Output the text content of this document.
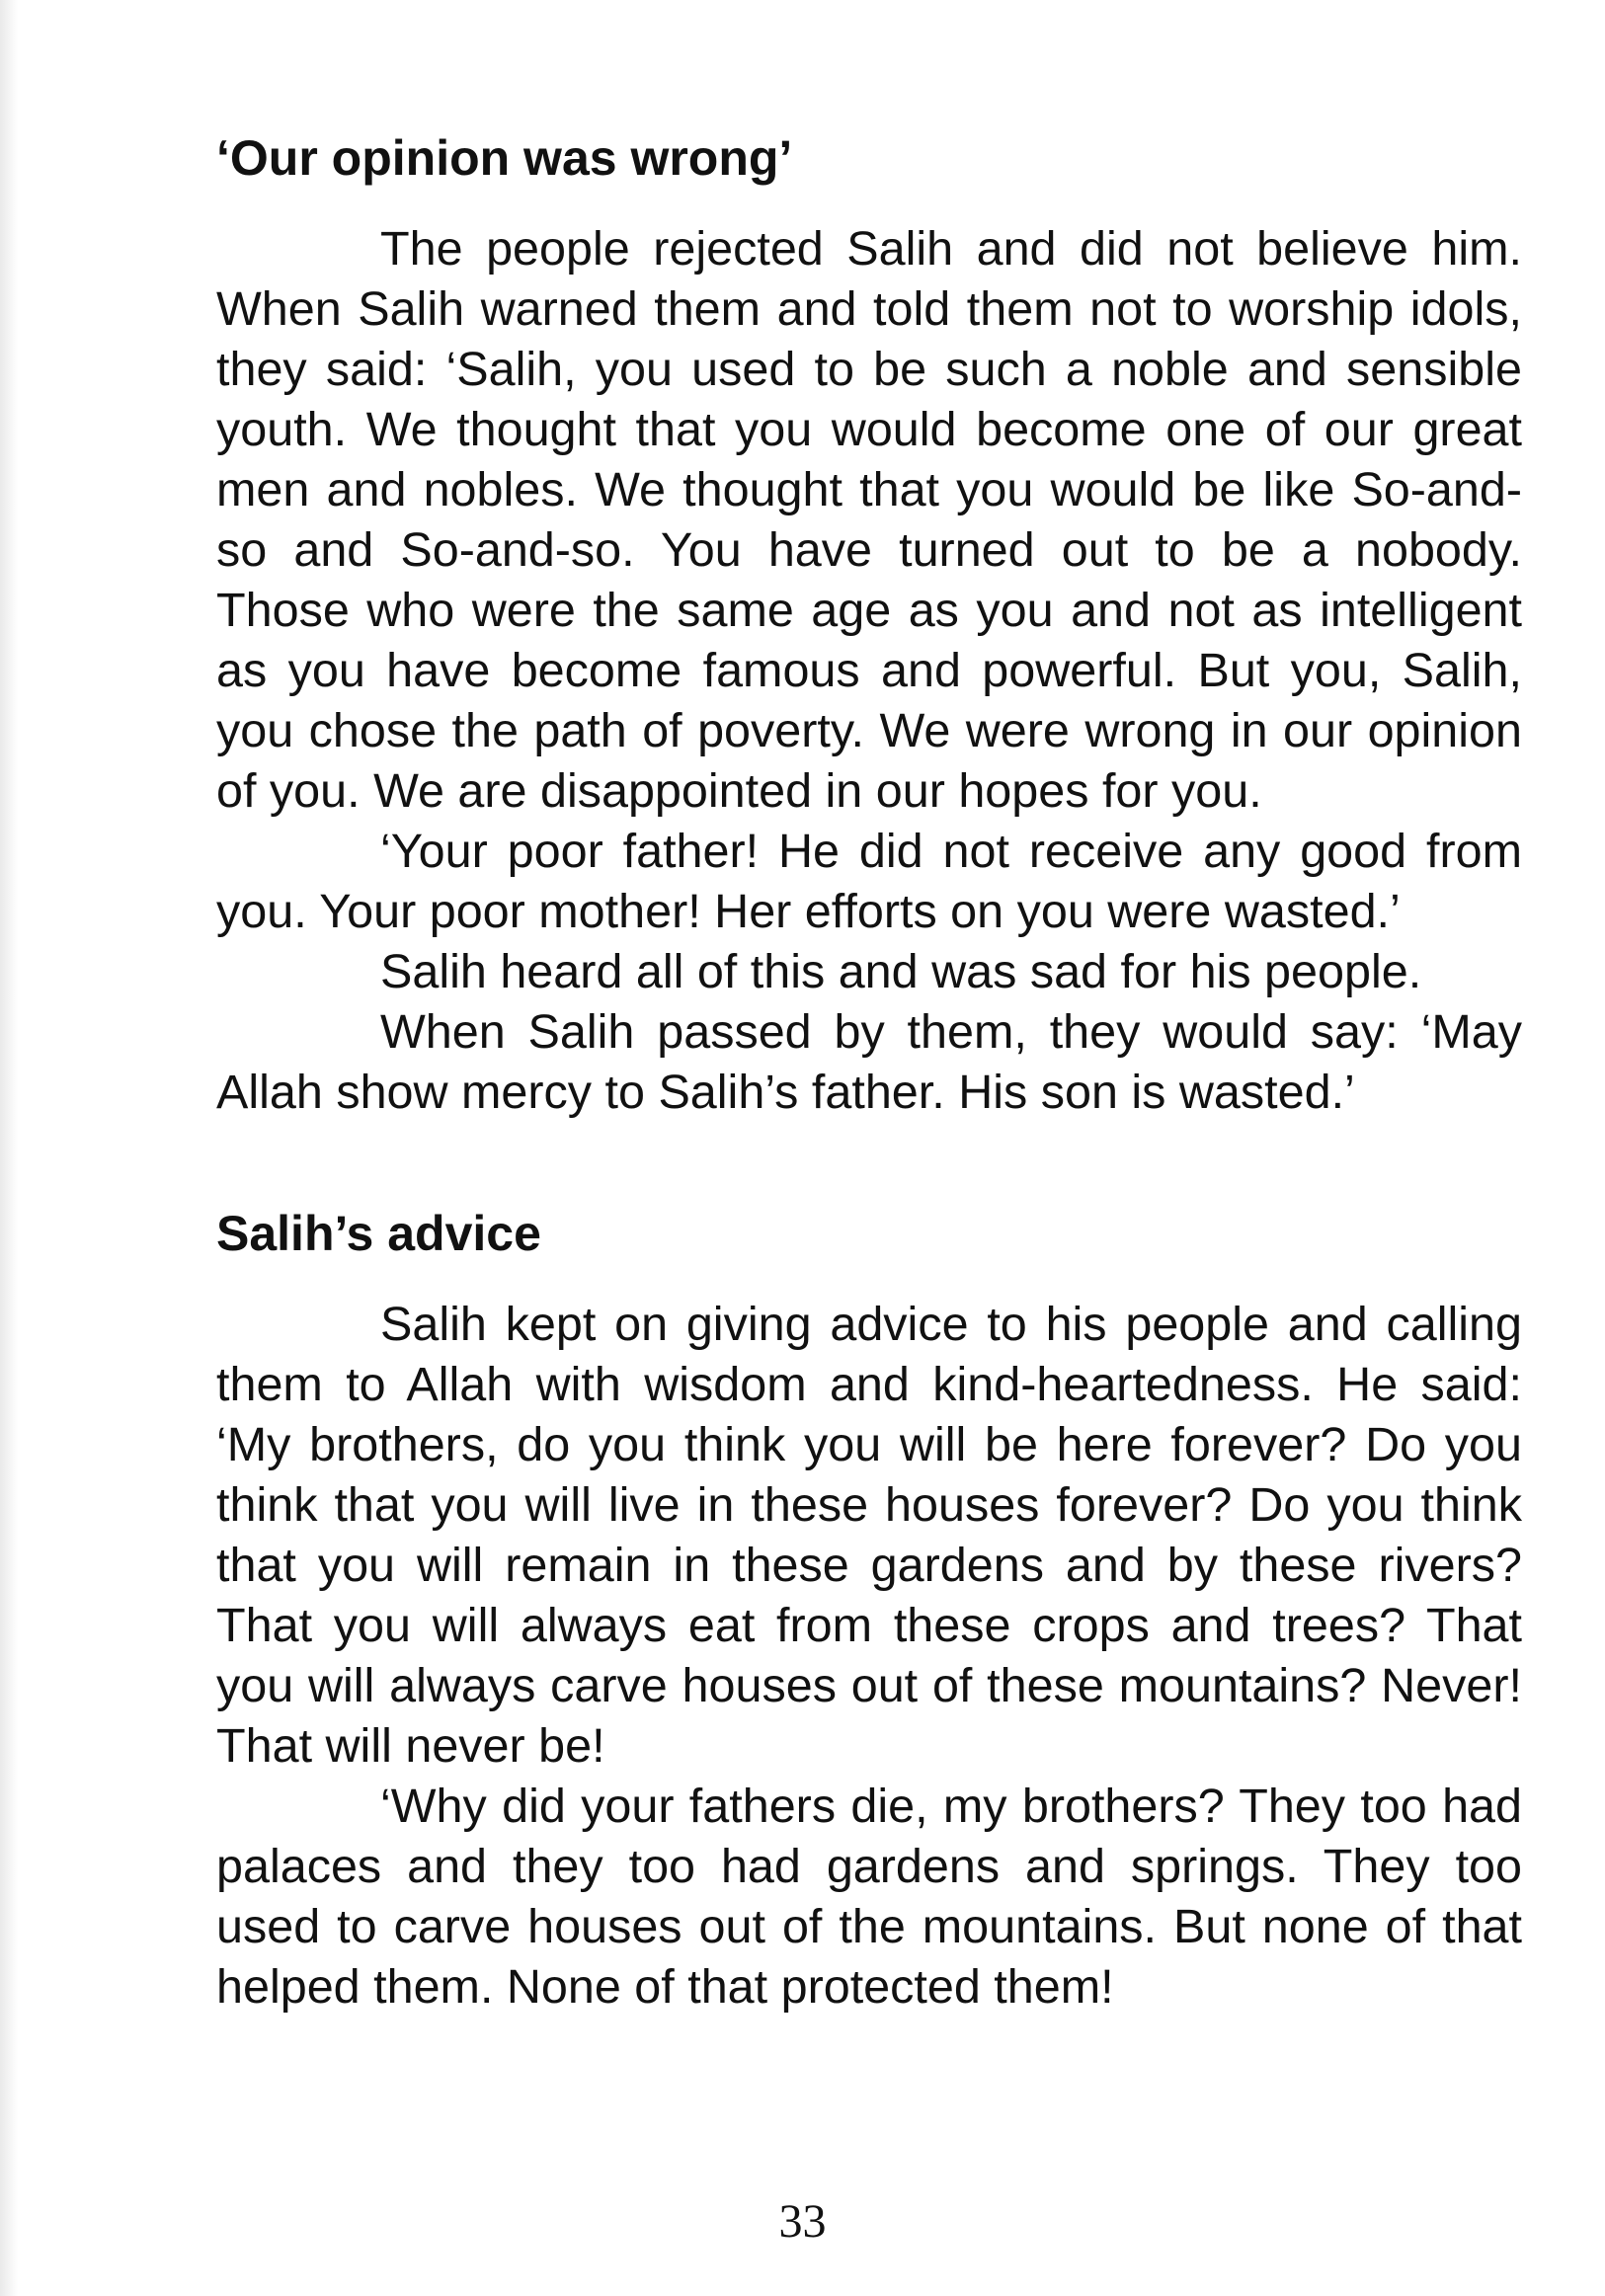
‘Our opinion was wrong’

The people rejected Salih and did not believe him. When Salih warned them and told them not to worship idols, they said: ‘Salih, you used to be such a noble and sensible youth. We thought that you would become one of our great men and nobles. We thought that you would be like So-and-so and So-and-so. You have turned out to be a nobody. Those who were the same age as you and not as intelligent as you have become famous and powerful. But you, Salih, you chose the path of poverty. We were wrong in our opinion of you. We are disappointed in our hopes for you.

‘Your poor father! He did not receive any good from you. Your poor mother! Her efforts on you were wasted.’

Salih heard all of this and was sad for his people.

When Salih passed by them, they would say: ‘May Allah show mercy to Salih’s father. His son is wasted.’

Salih’s advice

Salih kept on giving advice to his people and calling them to Allah with wisdom and kind-heartedness. He said: ‘My brothers, do you think you will be here forever? Do you think that you will live in these houses forever? Do you think that you will remain in these gardens and by these rivers? That you will always eat from these crops and trees? That you will always carve houses out of these mountains? Never! That will never be!

‘Why did your fathers die, my brothers? They too had palaces and they too had gardens and springs. They too used to carve houses out of the mountains. But none of that helped them. None of that protected them!

33
